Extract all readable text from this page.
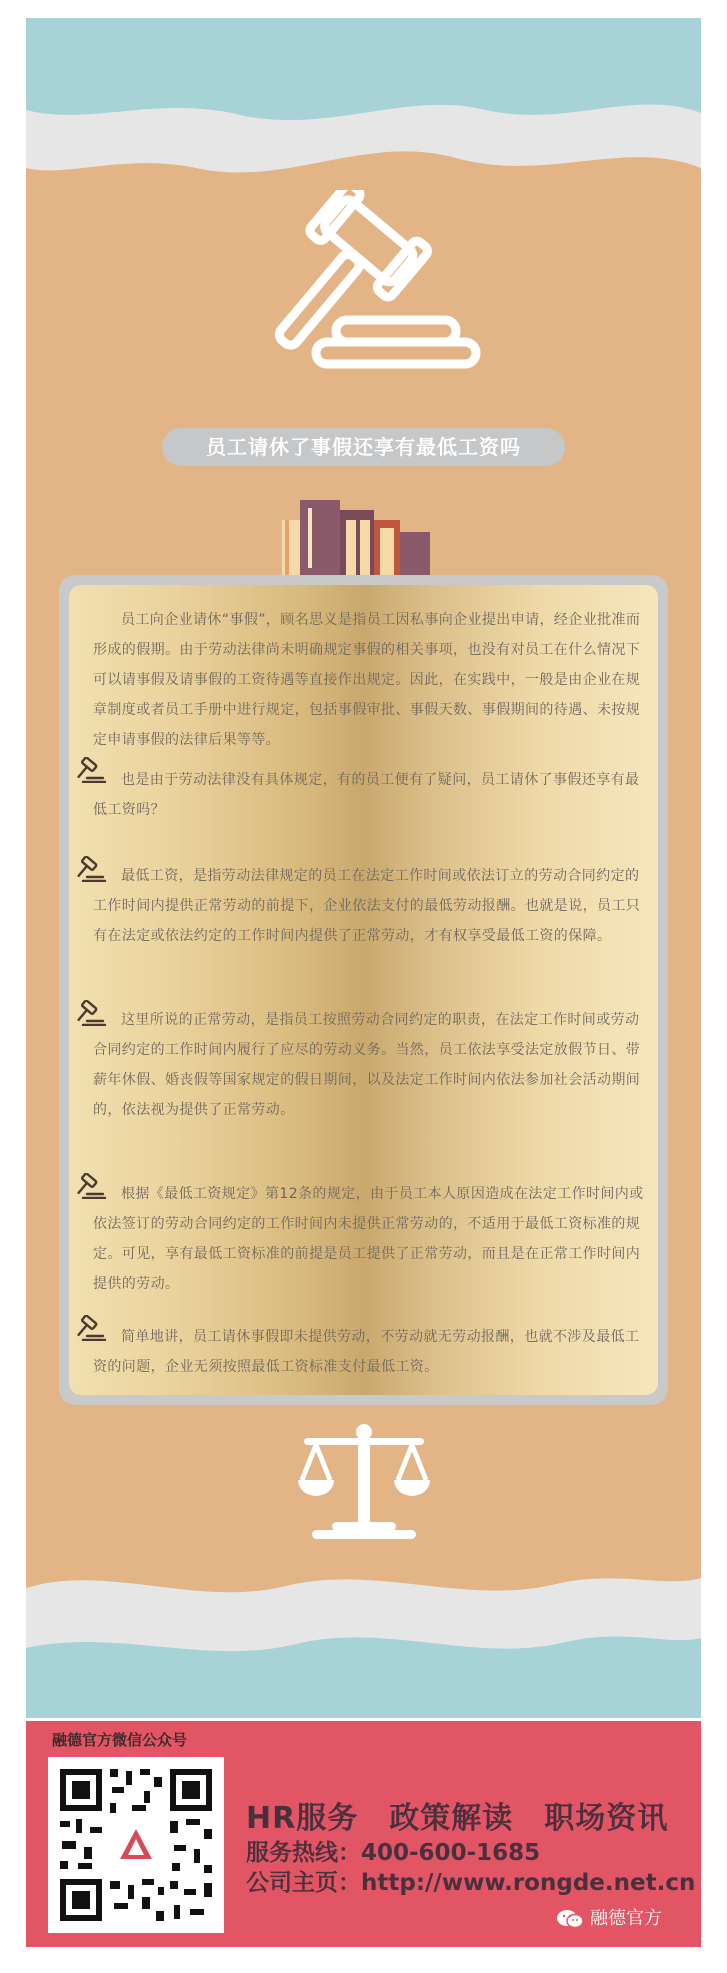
员工请休了事假还享有最低工资吗

员工向企业请休“事假”，顾名思义是指员工因私事向企业提出申请，经企业批准而形成的假期。由于劳动法律尚未明确规定事假的相关事项，也没有对员工在什么情况下可以请事假及请事假的工资待遇等直接作出规定。因此，在实践中，一般是由企业在规章制度或者员工手册中进行规定，包括事假审批、事假天数、事假期间的待遇、未按规定申请事假的法律后果等等。

也是由于劳动法律没有具体规定，有的员工便有了疑问，员工请休了事假还享有最低工资吗？

最低工资，是指劳动法律规定的员工在法定工作时间或依法订立的劳动合同约定的工作时间内提供正常劳动的前提下，企业依法支付的最低劳动报酬。也就是说，员工只有在法定或依法约定的工作时间内提供了正常劳动，才有权享受最低工资的保障。

这里所说的正常劳动，是指员工按照劳动合同约定的职责，在法定工作时间或劳动合同约定的工作时间内履行了应尽的劳动义务。当然，员工依法享受法定放假节日、带薪年休假、婚丧假等国家规定的假日期间，以及法定工作时间内依法参加社会活动期间的，依法视为提供了正常劳动。

根据《最低工资规定》第12条的规定，由于员工本人原因造成在法定工作时间内或依法签订的劳动合同约定的工作时间内未提供正常劳动的，不适用于最低工资标准的规定。可见，享有最低工资标准的前提是员工提供了正常劳动，而且是在正常工作时间内提供的劳动。

简单地讲，员工请休事假即未提供劳动，不劳动就无劳动报酬，也就不涉及最低工资的问题，企业无须按照最低工资标准支付最低工资。

融德官方微信公众号
HR服务　政策解读　职场资讯
服务热线：400-600-1685
公司主页：http://www.rongde.net.cn
融德官方
